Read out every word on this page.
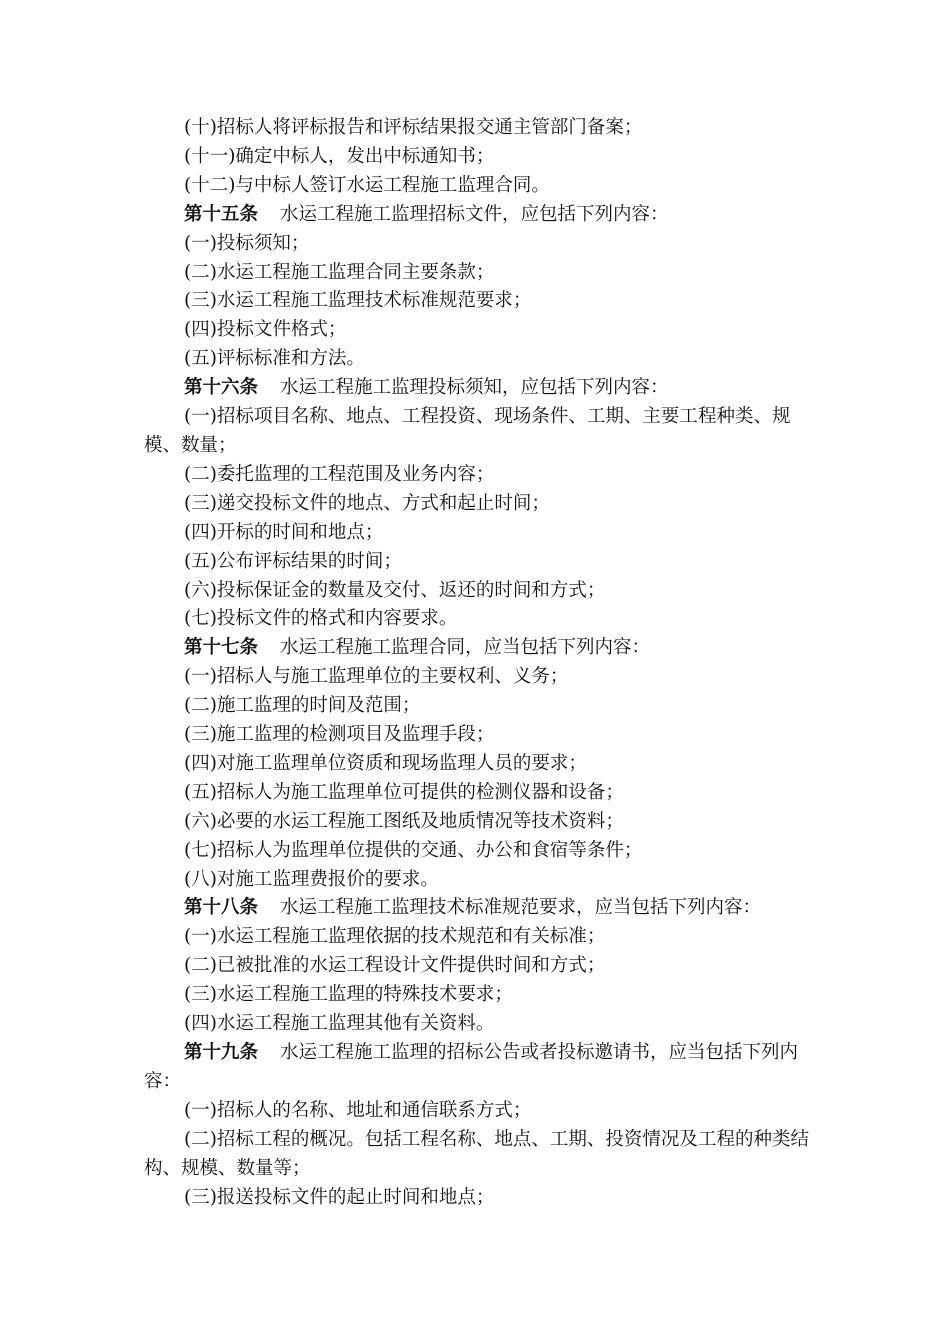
(十)招标人将评标报告和评标结果报交通主管部门备案；

(十一)确定中标人，发出中标通知书；

(十二)与中标人签订水运工程施工监理合同。

第十五条 水运工程施工监理招标文件，应包括下列内容：

(一)投标须知；

(二)水运工程施工监理合同主要条款；

(三)水运工程施工监理技术标准规范要求；

(四)投标文件格式；

(五)评标标准和方法。

第十六条 水运工程施工监理投标须知，应包括下列内容：

(一)招标项目名称、地点、工程投资、现场条件、工期、主要工程种类、规模、数量；

(二)委托监理的工程范围及业务内容；

(三)递交投标文件的地点、方式和起止时间；

(四)开标的时间和地点；

(五)公布评标结果的时间；

(六)投标保证金的数量及交付、返还的时间和方式；

(七)投标文件的格式和内容要求。

第十七条 水运工程施工监理合同，应当包括下列内容：

(一)招标人与施工监理单位的主要权利、义务；

(二)施工监理的时间及范围；

(三)施工监理的检测项目及监理手段；

(四)对施工监理单位资质和现场监理人员的要求；

(五)招标人为施工监理单位可提供的检测仪器和设备；

(六)必要的水运工程施工图纸及地质情况等技术资料；

(七)招标人为监理单位提供的交通、办公和食宿等条件；

(八)对施工监理费报价的要求。

第十八条 水运工程施工监理技术标准规范要求，应当包括下列内容：

(一)水运工程施工监理依据的技术规范和有关标准；

(二)已被批准的水运工程设计文件提供时间和方式；

(三)水运工程施工监理的特殊技术要求；

(四)水运工程施工监理其他有关资料。

第十九条 水运工程施工监理的招标公告或者投标邀请书，应当包括下列内容：

(一)招标人的名称、地址和通信联系方式；

(二)招标工程的概况。包括工程名称、地点、工期、投资情况及工程的种类结构、规模、数量等；

(三)报送投标文件的起止时间和地点；
